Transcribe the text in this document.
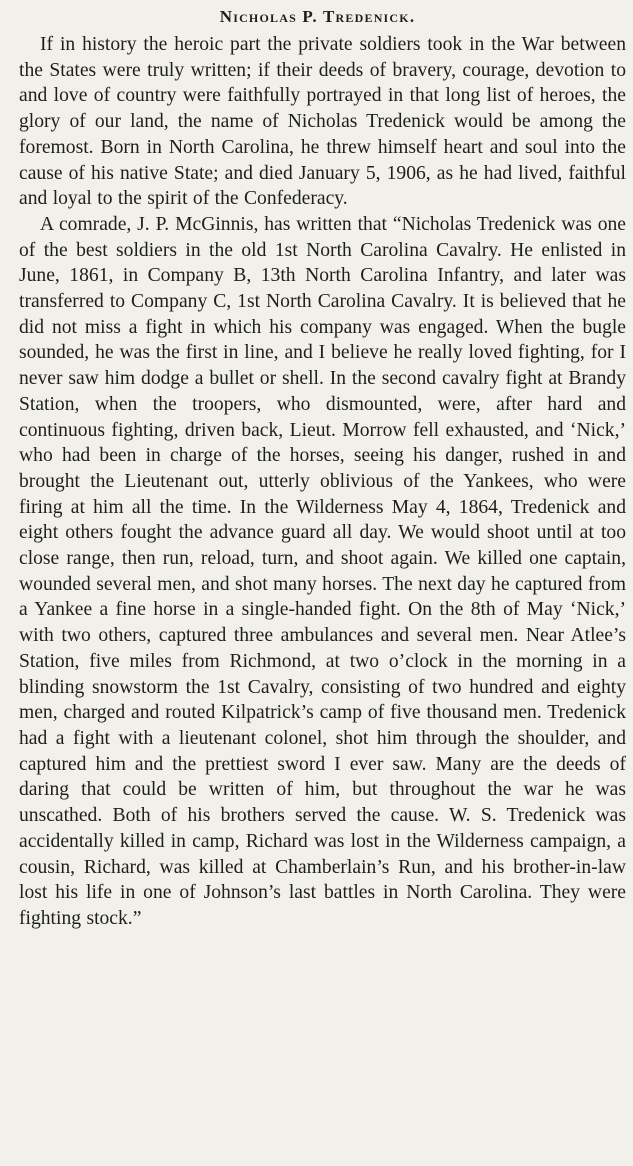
Nicholas P. Tredenick.

If in history the heroic part the private soldiers took in the War between the States were truly written; if their deeds of bravery, courage, devotion to and love of country were faithfully portrayed in that long list of heroes, the glory of our land, the name of Nicholas Tredenick would be among the foremost. Born in North Carolina, he threw himself heart and soul into the cause of his native State; and died January 5, 1906, as he had lived, faithful and loyal to the spirit of the Confederacy.

A comrade, J. P. McGinnis, has written that “Nicholas Tredenick was one of the best soldiers in the old 1st North Carolina Cavalry. He enlisted in June, 1861, in Company B, 13th North Carolina Infantry, and later was transferred to Company C, 1st North Carolina Cavalry. It is believed that he did not miss a fight in which his company was engaged. When the bugle sounded, he was the first in line, and I believe he really loved fighting, for I never saw him dodge a bullet or shell. In the second cavalry fight at Brandy Station, when the troopers, who dismounted, were, after hard and continuous fighting, driven back, Lieut. Morrow fell exhausted, and ‘Nick,’ who had been in charge of the horses, seeing his danger, rushed in and brought the Lieutenant out, utterly oblivious of the Yankees, who were firing at him all the time. In the Wilderness May 4, 1864, Tredenick and eight others fought the advance guard all day. We would shoot until at too close range, then run, reload, turn, and shoot again. We killed one captain, wounded several men, and shot many horses. The next day he captured from a Yankee a fine horse in a single-handed fight. On the 8th of May ‘Nick,’ with two others, captured three ambulances and several men. Near Atlee’s Station, five miles from Richmond, at two o’clock in the morning in a blinding snowstorm the 1st Cavalry, consisting of two hundred and eighty men, charged and routed Kilpatrick’s camp of five thousand men. Tredenick had a fight with a lieutenant colonel, shot him through the shoulder, and captured him and the prettiest sword I ever saw. Many are the deeds of daring that could be written of him, but throughout the war he was unscathed. Both of his brothers served the cause. W. S. Tredenick was accidentally killed in camp, Richard was lost in the Wilderness campaign, a cousin, Richard, was killed at Chamberlain’s Run, and his brother-in-law lost his life in one of Johnson’s last battles in North Carolina. They were fighting stock.”
